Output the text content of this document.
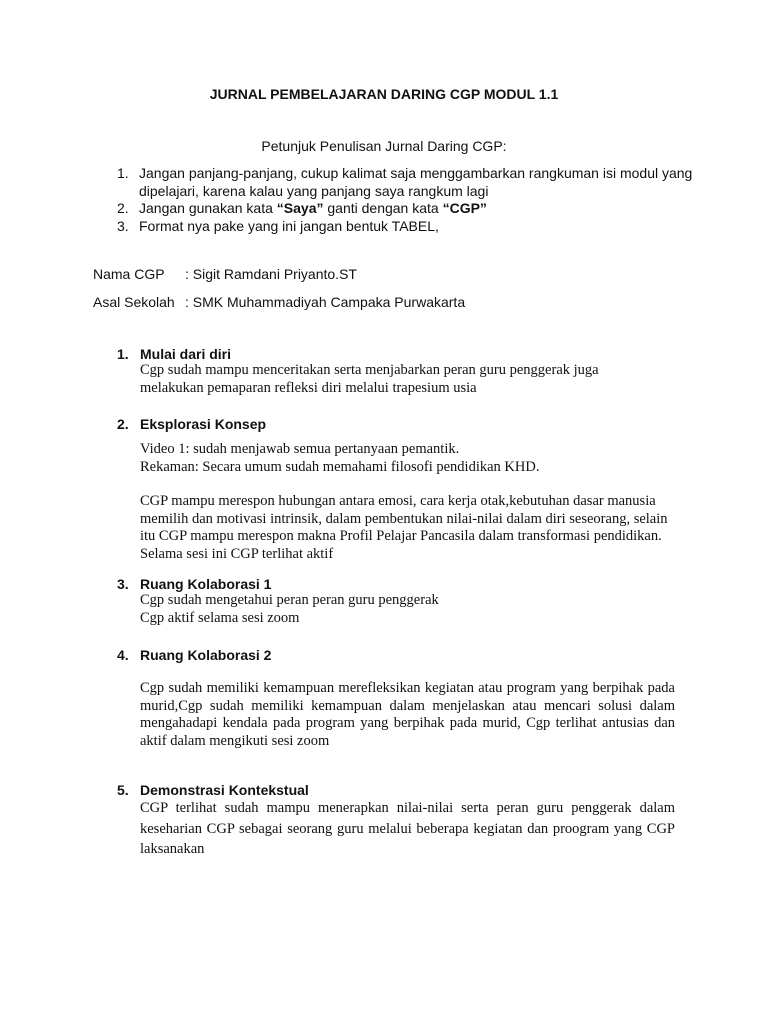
JURNAL PEMBELAJARAN DARING CGP MODUL 1.1
Petunjuk Penulisan Jurnal Daring CGP:
1. Jangan panjang-panjang, cukup kalimat saja menggambarkan rangkuman isi modul yang dipelajari, karena kalau yang panjang saya rangkum lagi
2. Jangan gunakan kata “Saya” ganti dengan kata “CGP”
3. Format nya pake yang ini jangan bentuk TABEL,
Nama CGP : Sigit Ramdani Priyanto.ST
Asal Sekolah : SMK Muhammadiyah Campaka Purwakarta
1. Mulai dari diri

Cgp sudah mampu menceritakan serta menjabarkan peran guru penggerak juga

melakukan pemaparan refleksi diri melalui trapesium usia

2. Eksplorasi Konsep

Video 1: sudah menjawab semua pertanyaan pemantik.

Rekaman: Secara umum sudah memahami filosofi pendidikan KHD.

CGP mampu merespon hubungan antara emosi, cara kerja otak,kebutuhan dasar manusia memilih dan motivasi intrinsik, dalam pembentukan nilai-nilai dalam diri seseorang, selain itu CGP mampu merespon makna Profil Pelajar Pancasila dalam transformasi pendidikan. Selama sesi ini CGP terlihat aktif

3. Ruang Kolaborasi 1

Cgp sudah mengetahui peran peran guru penggerak

Cgp aktif selama sesi zoom

4. Ruang Kolaborasi 2

Cgp sudah memiliki kemampuan merefleksikan kegiatan atau program yang berpihak pada murid,Cgp sudah memiliki kemampuan dalam menjelaskan atau mencari solusi dalam mengahadapi kendala pada program yang berpihak pada murid, Cgp terlihat antusias dan aktif dalam mengikuti sesi zoom

5. Demonstrasi Kontekstual

CGP terlihat sudah mampu menerapkan nilai-nilai serta peran guru penggerak dalam keseharian CGP sebagai seorang guru melalui beberapa kegiatan dan proogram yang CGP laksanakan
